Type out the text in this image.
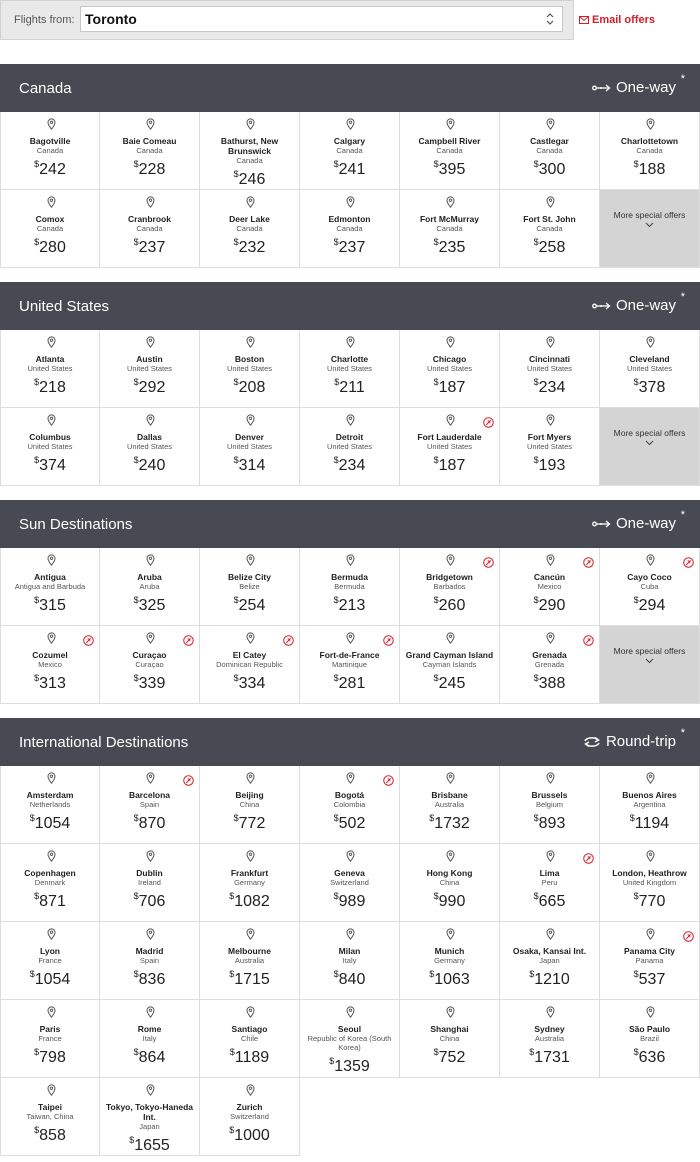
Flights from: Toronto	Email offers
Canada	One-way *
Bagotville
Canada
$242
Baie Comeau
Canada
$228
Bathurst, New Brunswick
Canada
$246
Calgary
Canada
$241
Campbell River
Canada
$395
Castlegar
Canada
$300
Charlottetown
Canada
$188
Comox
Canada
$280
Cranbrook
Canada
$237
Deer Lake
Canada
$232
Edmonton
Canada
$237
Fort McMurray
Canada
$235
Fort St. John
Canada
$258
More special offers
United States	One-way *
Atlanta
United States
$218
Austin
United States
$292
Boston
United States
$208
Charlotte
United States
$211
Chicago
United States
$187
Cincinnati
United States
$234
Cleveland
United States
$378
Columbus
United States
$374
Dallas
United States
$240
Denver
United States
$314
Detroit
United States
$234
Fort Lauderdale
United States
$187
Fort Myers
United States
$193
More special offers
Sun Destinations	One-way *
Antigua
Antigua and Barbuda
$315
Aruba
Aruba
$325
Belize City
Belize
$254
Bermuda
Bermuda
$213
Bridgetown
Barbados
$260
Cancún
Mexico
$290
Cayo Coco
Cuba
$294
Cozumel
Mexico
$313
Curaçao
Curaçao
$339
El Catey
Dominican Republic
$334
Fort-de-France
Martinique
$281
Grand Cayman Island
Cayman Islands
$245
Grenada
Grenada
$388
More special offers
International Destinations	Round-trip *
Amsterdam
Netherlands
$1054
Barcelona
Spain
$870
Beijing
China
$772
Bogotá
Colombia
$502
Brisbane
Australia
$1732
Brussels
Belgium
$893
Buenos Aires
Argentina
$1194
Copenhagen
Denmark
$871
Dublin
Ireland
$706
Frankfurt
Germany
$1082
Geneva
Switzerland
$989
Hong Kong
China
$990
Lima
Peru
$665
London, Heathrow
United Kingdom
$770
Lyon
France
$1054
Madrid
Spain
$836
Melbourne
Australia
$1715
Milan
Italy
$840
Munich
Germany
$1063
Osaka, Kansai Int.
Japan
$1210
Panama City
Panama
$537
Paris
France
$798
Rome
Italy
$864
Santiago
Chile
$1189
Seoul
Republic of Korea (South Korea)
$1359
Shanghai
China
$752
Sydney
Australia
$1731
São Paulo
Brazil
$636
Taipei
Taiwan, China
$858
Tokyo, Tokyo-Haneda Int.
Japan
$1655
Zurich
Switzerland
$1000
